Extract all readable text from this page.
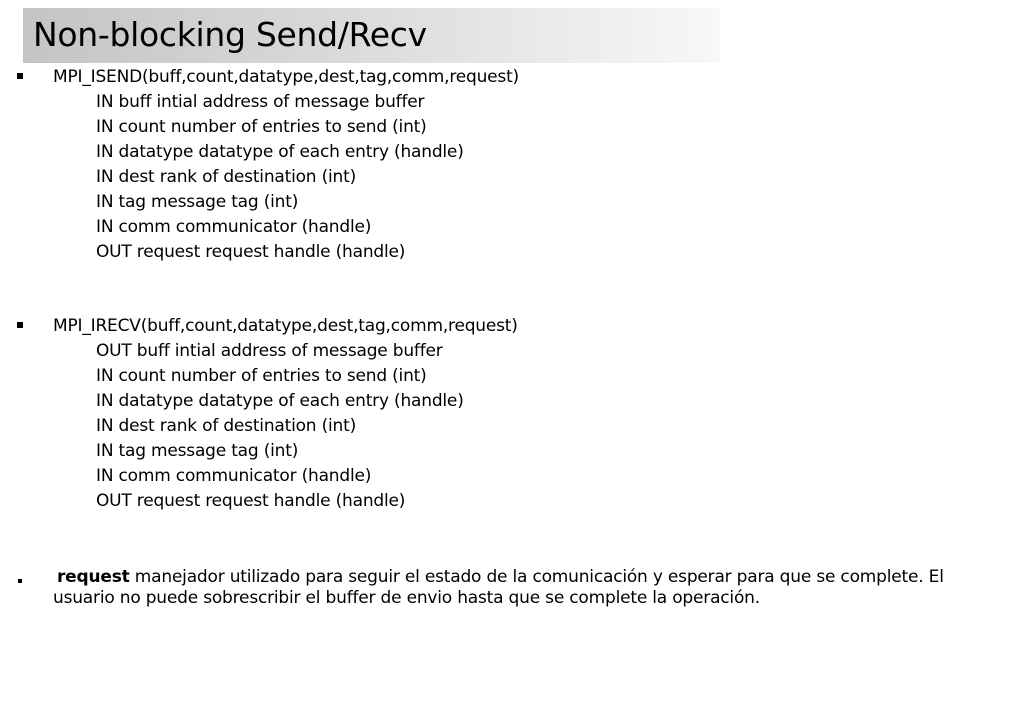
Non-blocking Send/Recv
MPI_ISEND(buff,count,datatype,dest,tag,comm,request)
IN buff intial address of message buffer
IN count number of entries to send (int)
IN datatype datatype of each entry (handle)
IN dest rank of destination (int)
IN tag message tag (int)
IN comm communicator (handle)
OUT request request handle (handle)
MPI_IRECV(buff,count,datatype,dest,tag,comm,request)
OUT buff intial address of message buffer
IN count number of entries to send (int)
IN datatype datatype of each entry (handle)
IN dest rank of destination (int)
IN tag message tag (int)
IN comm communicator (handle)
OUT request request handle (handle)
request manejador utilizado para seguir el estado de la comunicación y esperar para que se complete. El usuario no puede sobrescribir el buffer de envio hasta que se complete la operación.
